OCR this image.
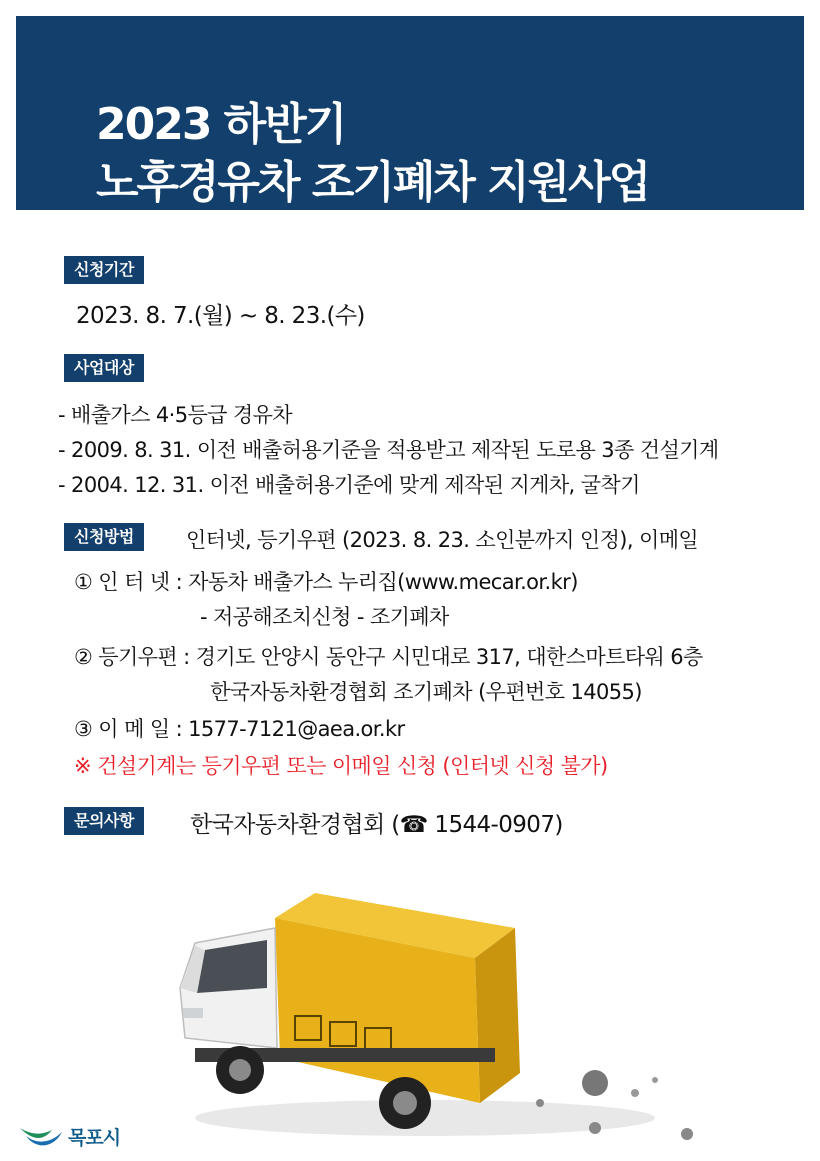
2023 하반기
노후경유차 조기폐차 지원사업
신청기간
2023. 8. 7.(월) ~ 8. 23.(수)
사업대상
- 배출가스 4·5등급 경유차
- 2009. 8. 31. 이전 배출허용기준을 적용받고 제작된 도로용 3종 건설기계
- 2004. 12. 31. 이전 배출허용기준에 맞게 제작된 지게차, 굴착기
신청방법	인터넷, 등기우편 (2023. 8. 23. 소인분까지 인정), 이메일
① 인 터 넷 : 자동차 배출가스 누리집(www.mecar.or.kr)
- 저공해조치신청 - 조기폐차
② 등기우편 : 경기도 안양시 동안구 시민대로 317, 대한스마트타워 6층
한국자동차환경협회 조기폐차 (우편번호 14055)
③ 이 메 일 : 1577-7121@aea.or.kr
※ 건설기계는 등기우편 또는 이메일 신청 (인터넷 신청 불가)
문의사항	한국자동차환경협회 (☎ 1544-0907)
목포시
